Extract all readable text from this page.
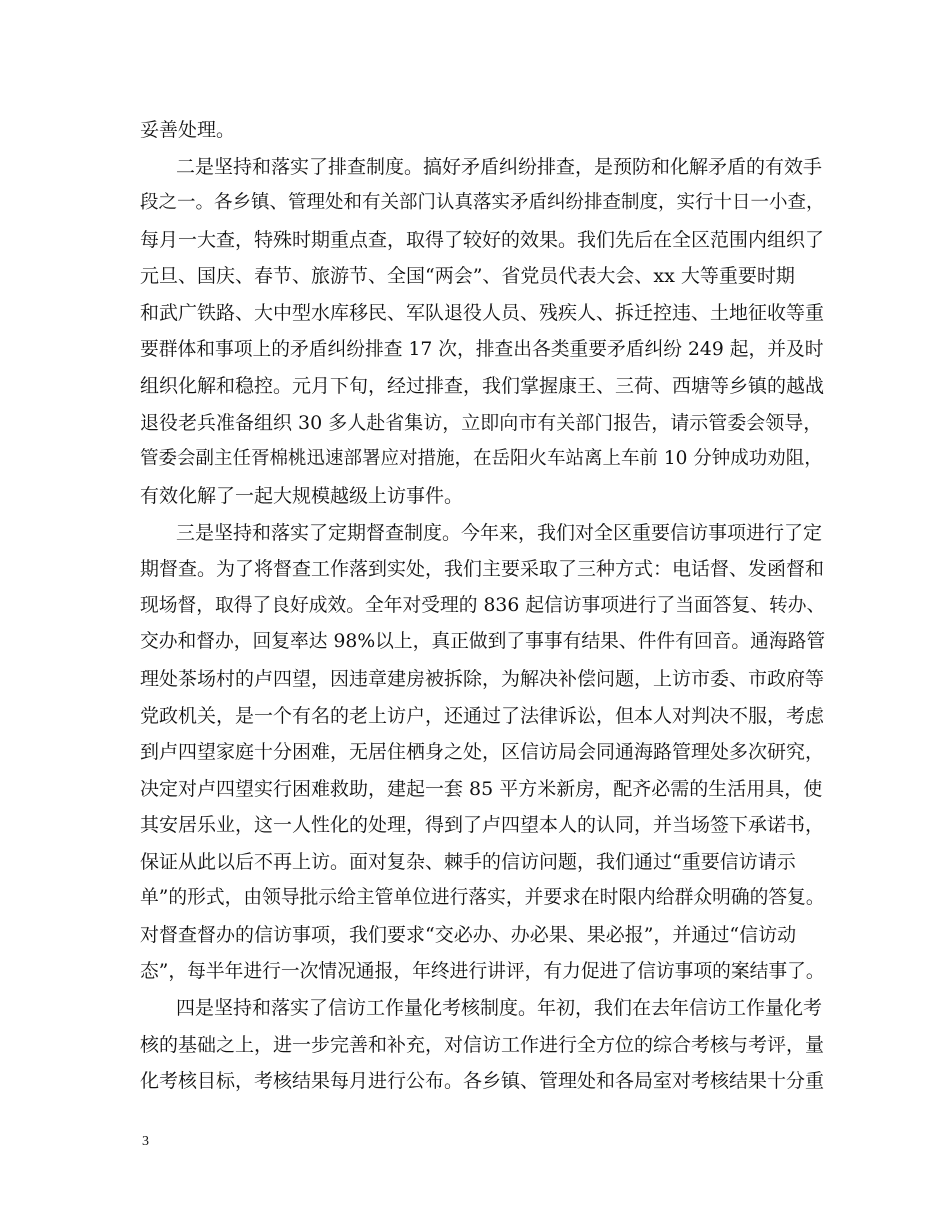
妥善处理。
二是坚持和落实了排查制度。搞好矛盾纠纷排查，是预防和化解矛盾的有效手
段之一。各乡镇、管理处和有关部门认真落实矛盾纠纷排查制度，实行十日一小查，
每月一大查，特殊时期重点查，取得了较好的效果。我们先后在全区范围内组织了
元旦、国庆、春节、旅游节、全国“两会”、省党员代表大会、xx 大等重要时期
和武广铁路、大中型水库移民、军队退役人员、残疾人、拆迁控违、土地征收等重
要群体和事项上的矛盾纠纷排查 17 次，排查出各类重要矛盾纠纷 249 起，并及时
组织化解和稳控。元月下旬，经过排查，我们掌握康王、三荷、西塘等乡镇的越战
退役老兵准备组织 30 多人赴省集访，立即向市有关部门报告，请示管委会领导，
管委会副主任胥棉桃迅速部署应对措施，在岳阳火车站离上车前 10 分钟成功劝阻，
有效化解了一起大规模越级上访事件。
三是坚持和落实了定期督查制度。今年来，我们对全区重要信访事项进行了定
期督查。为了将督查工作落到实处，我们主要采取了三种方式：电话督、发函督和
现场督，取得了良好成效。全年对受理的 836 起信访事项进行了当面答复、转办、
交办和督办，回复率达 98%以上，真正做到了事事有结果、件件有回音。通海路管
理处茶场村的卢四望，因违章建房被拆除，为解决补偿问题，上访市委、市政府等
党政机关，是一个有名的老上访户，还通过了法律诉讼，但本人对判决不服，考虑
到卢四望家庭十分困难，无居住栖身之处，区信访局会同通海路管理处多次研究，
决定对卢四望实行困难救助，建起一套 85 平方米新房，配齐必需的生活用具，使
其安居乐业，这一人性化的处理，得到了卢四望本人的认同，并当场签下承诺书，
保证从此以后不再上访。面对复杂、棘手的信访问题，我们通过“重要信访请示
单”的形式，由领导批示给主管单位进行落实，并要求在时限内给群众明确的答复。
对督查督办的信访事项，我们要求“交必办、办必果、果必报”，并通过“信访动
态”，每半年进行一次情况通报，年终进行讲评，有力促进了信访事项的案结事了。
四是坚持和落实了信访工作量化考核制度。年初，我们在去年信访工作量化考
核的基础之上，进一步完善和补充，对信访工作进行全方位的综合考核与考评，量
化考核目标，考核结果每月进行公布。各乡镇、管理处和各局室对考核结果十分重
3
